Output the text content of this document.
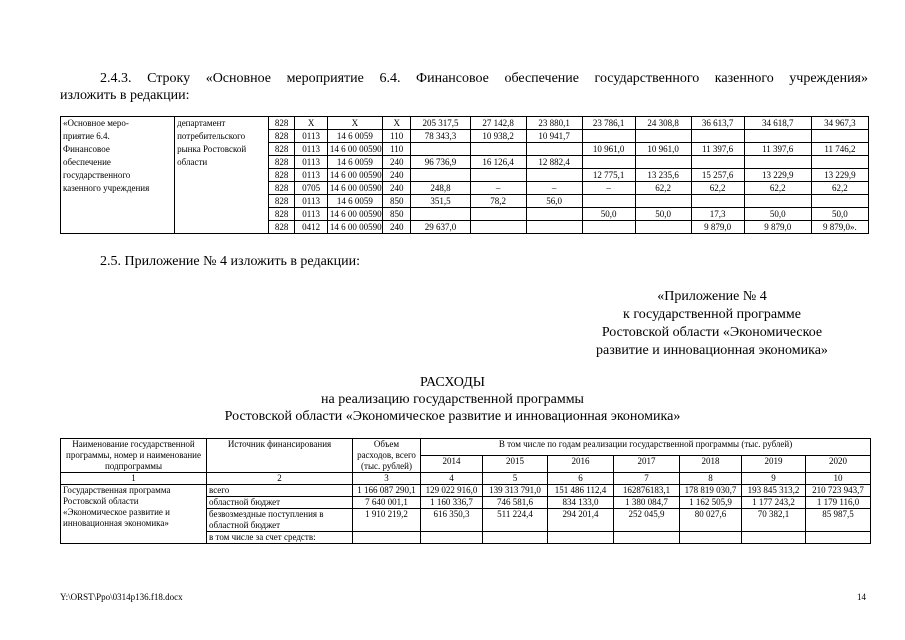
2.4.3. Строку «Основное мероприятие 6.4. Финансовое обеспечение государственного казенного учреждения»
изложить в редакции:
«Основное меро-	департамент	828	X	X	X	205 317,5	27 142,8	23 880,1	23 786,1	24 308,8	36 613,7	34 618,7	34 967,3
приятие 6.4.	потребительского	828	0113	14 6 0059	110	78 343,3	10 938,2	10 941,7					
Финансовое	рынка Ростовской	828	0113	14 6 00 00590	110				10 961,0	10 961,0	11 397,6	11 397,6	11 746,2
обеспечение	области	828	0113	14 6 0059	240	96 736,9	16 126,4	12 882,4					
государственного		828	0113	14 6 00 00590	240				12 775,1	13 235,6	15 257,6	13 229,9	13 229,9
казенного учреждения		828	0705	14 6 00 00590	240	248,8	–	–	–	62,2	62,2	62,2	62,2
		828	0113	14 6 0059	850	351,5	78,2	56,0					
		828	0113	14 6 00 00590	850				50,0	50,0	17,3	50,0	50,0
		828	0412	14 6 00 00590	240	29 637,0					9 879,0	9 879,0	9 879,0».
2.5. Приложение № 4 изложить в редакции:
«Приложение № 4
к государственной программе
Ростовской области «Экономическое
развитие и инновационная экономика»
РАСХОДЫ
на реализацию государственной программы
Ростовской области «Экономическое развитие и инновационная экономика»
Наименование государственной программы, номер и наименование подпрограммы	Источник финансирования	Объем расходов, всего (тыс. рублей)	В том числе по годам реализации государственной программы (тыс. рублей)						
			2014	2015	2016	2017	2018	2019	2020
1	2	3	4	5	6	7	8	9	10
Государственная программа Ростовской области «Экономическое развитие и инновационная экономика»	всего	1 166 087 290,1	129 022 916,0	139 313 791,0	151 486 112,4	162876183,1	178 819 030,7	193 845 313,2	210 723 943,7
	областной бюджет	7 640 001,1	1 160 336,7	746 581,6	834 133,0	1 380 084,7	1 162 505,9	1 177 243,2	1 179 116,0
	безвозмездные поступления в областной бюджет	1 910 219,2	616 350,3	511 224,4	294 201,4	252 045,9	80 027,6	70 382,1	85 987,5
	в том числе за счет средств:								
Y:\ORST\Ppo\0314p136.f18.docx	14
